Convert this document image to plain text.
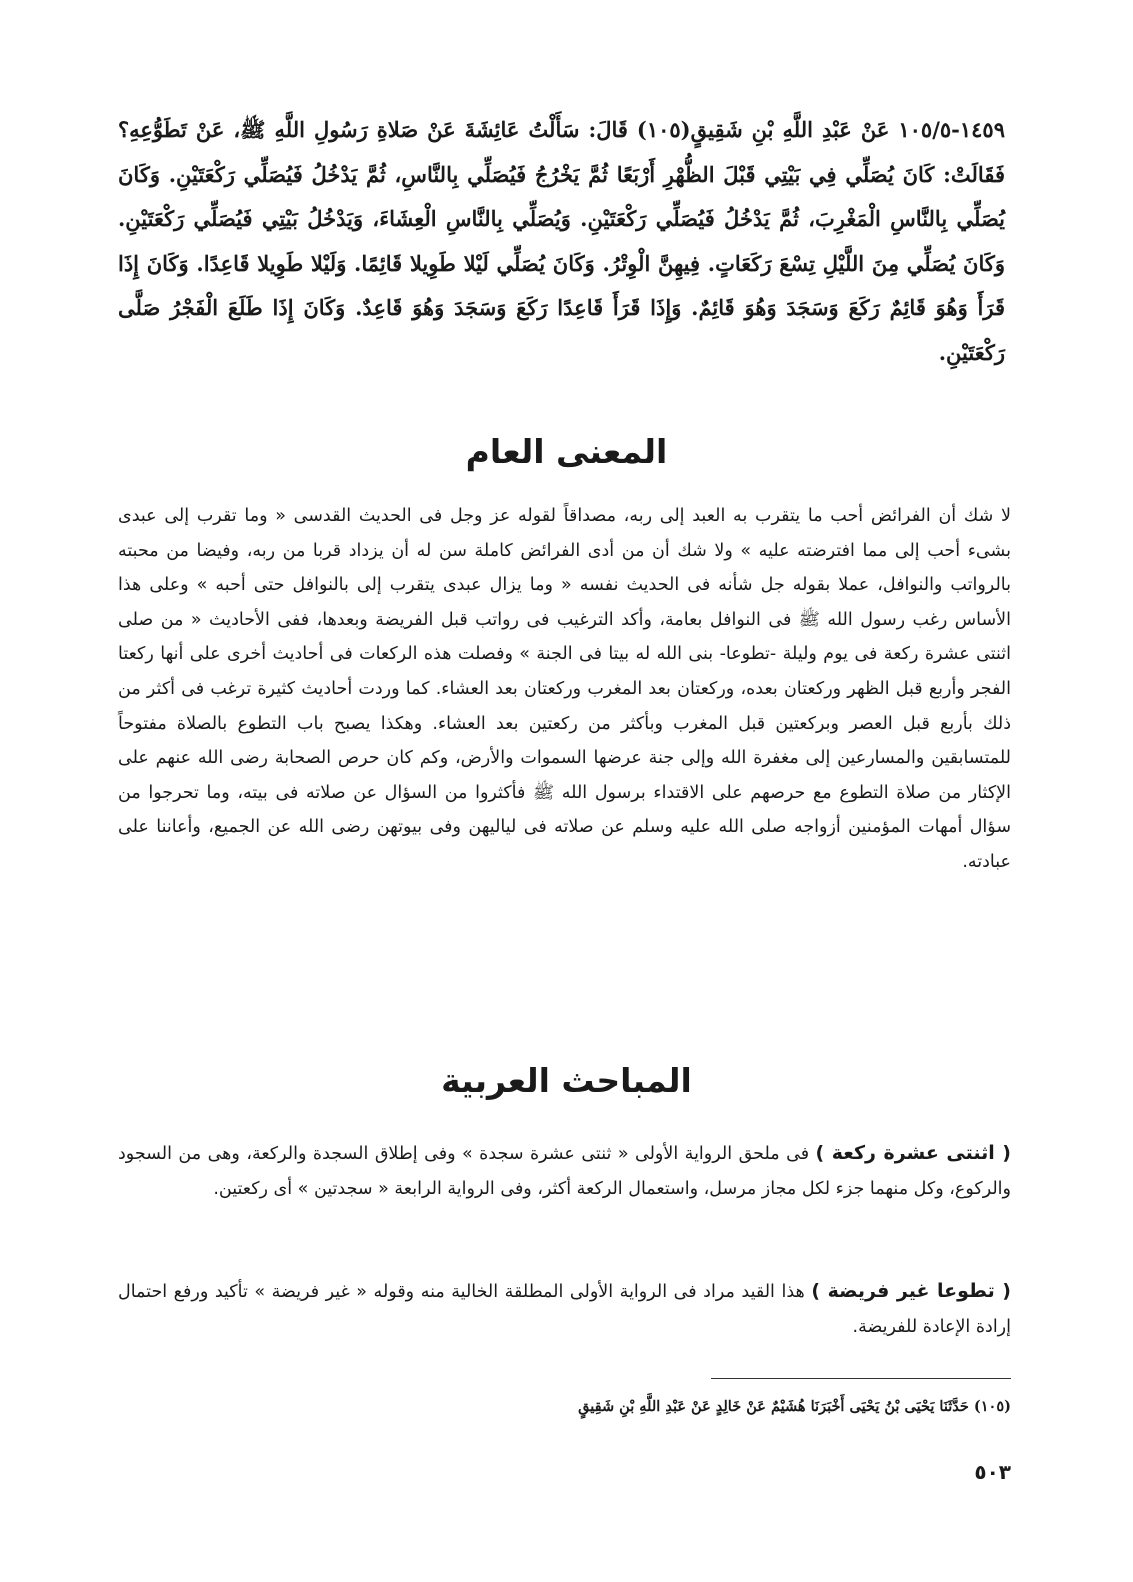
١٤٥٩-١٠٥/٥ عَنْ عَبْدِ اللَّهِ بْنِ شَقِيقٍ(١٠٥) قَالَ: سَأَلْتُ عَائِشَةَ عَنْ صَلاةِ رَسُولِ اللَّهِ ﷺ، عَنْ تَطَوُّعِهِ؟ فَقَالَتْ: كَانَ يُصَلِّي فِي بَيْتِي قَبْلَ الظُّهْرِ أَرْبَعًا ثُمَّ يَخْرُجُ فَيُصَلِّي بِالنَّاسِ، ثُمَّ يَدْخُلُ فَيُصَلِّي رَكْعَتَيْنِ. وَكَانَ يُصَلِّي بِالنَّاسِ الْمَغْرِبَ، ثُمَّ يَدْخُلُ فَيُصَلِّي رَكْعَتَيْنِ. وَيُصَلِّي بِالنَّاسِ الْعِشَاءَ، وَيَدْخُلُ بَيْتِي فَيُصَلِّي رَكْعَتَيْنِ. وَكَانَ يُصَلِّي مِنَ اللَّيْلِ تِسْعَ رَكَعَاتٍ. فِيهِنَّ الْوِتْرُ. وَكَانَ يُصَلِّي لَيْلا طَوِيلا قَائِمًا. وَلَيْلا طَوِيلا قَاعِدًا. وَكَانَ إِذَا قَرَأَ وَهُوَ قَائِمٌ رَكَعَ وَسَجَدَ وَهُوَ قَائِمٌ. وَإِذَا قَرَأَ قَاعِدًا رَكَعَ وَسَجَدَ وَهُوَ قَاعِدٌ. وَكَانَ إِذَا طَلَعَ الْفَجْرُ صَلَّى رَكْعَتَيْنِ.

المعنى العام

لا شك أن الفرائض أحب ما يتقرب به العبد إلى ربه، مصداقاً لقوله عز وجل فى الحديث القدسى « وما تقرب إلى عبدى بشىء أحب إلى مما افترضته عليه » ولا شك أن من أدى الفرائض كاملة سن له أن يزداد قربا من ربه، وفيضا من محبته بالرواتب والنوافل، عملا بقوله جل شأنه فى الحديث نفسه « وما يزال عبدى يتقرب إلى بالنوافل حتى أحبه » وعلى هذا الأساس رغب رسول الله ﷺ فى النوافل بعامة، وأكد الترغيب فى رواتب قبل الفريضة وبعدها، ففى الأحاديث « من صلى اثنتى عشرة ركعة فى يوم وليلة -تطوعا- بنى الله له بيتا فى الجنة » وفصلت هذه الركعات فى أحاديث أخرى على أنها ركعتا الفجر وأربع قبل الظهر وركعتان بعده، وركعتان بعد المغرب وركعتان بعد العشاء. كما وردت أحاديث كثيرة ترغب فى أكثر من ذلك بأربع قبل العصر وبركعتين قبل المغرب وبأكثر من ركعتين بعد العشاء. وهكذا يصبح باب التطوع بالصلاة مفتوحاً للمتسابقين والمسارعين إلى مغفرة الله وإلى جنة عرضها السموات والأرض، وكم كان حرص الصحابة رضى الله عنهم على الإكثار من صلاة التطوع مع حرصهم على الاقتداء برسول الله ﷺ فأكثروا من السؤال عن صلاته فى بيته، وما تحرجوا من سؤال أمهات المؤمنين أزواجه صلى الله عليه وسلم عن صلاته فى لياليهن وفى بيوتهن رضى الله عن الجميع، وأعاننا على عبادته.

المباحث العربية

( اثنتى عشرة ركعة ) فى ملحق الرواية الأولى « ثنتى عشرة سجدة » وفى إطلاق السجدة والركعة، وهى من السجود والركوع، وكل منهما جزء لكل مجاز مرسل، واستعمال الركعة أكثر، وفى الرواية الرابعة « سجدتين » أى ركعتين.

( تطوعا غير فريضة ) هذا القيد مراد فى الرواية الأولى المطلقة الخالية منه وقوله « غير فريضة » تأكيد ورفع احتمال إرادة الإعادة للفريضة.

(١٠٥) حَدَّثَنَا يَحْيَى بْنُ يَحْيَى أَخْبَرَنَا هُشَيْمٌ عَنْ خَالِدٍ عَنْ عَبْدِ اللَّهِ بْنِ شَقِيقٍ

٥٠٣
